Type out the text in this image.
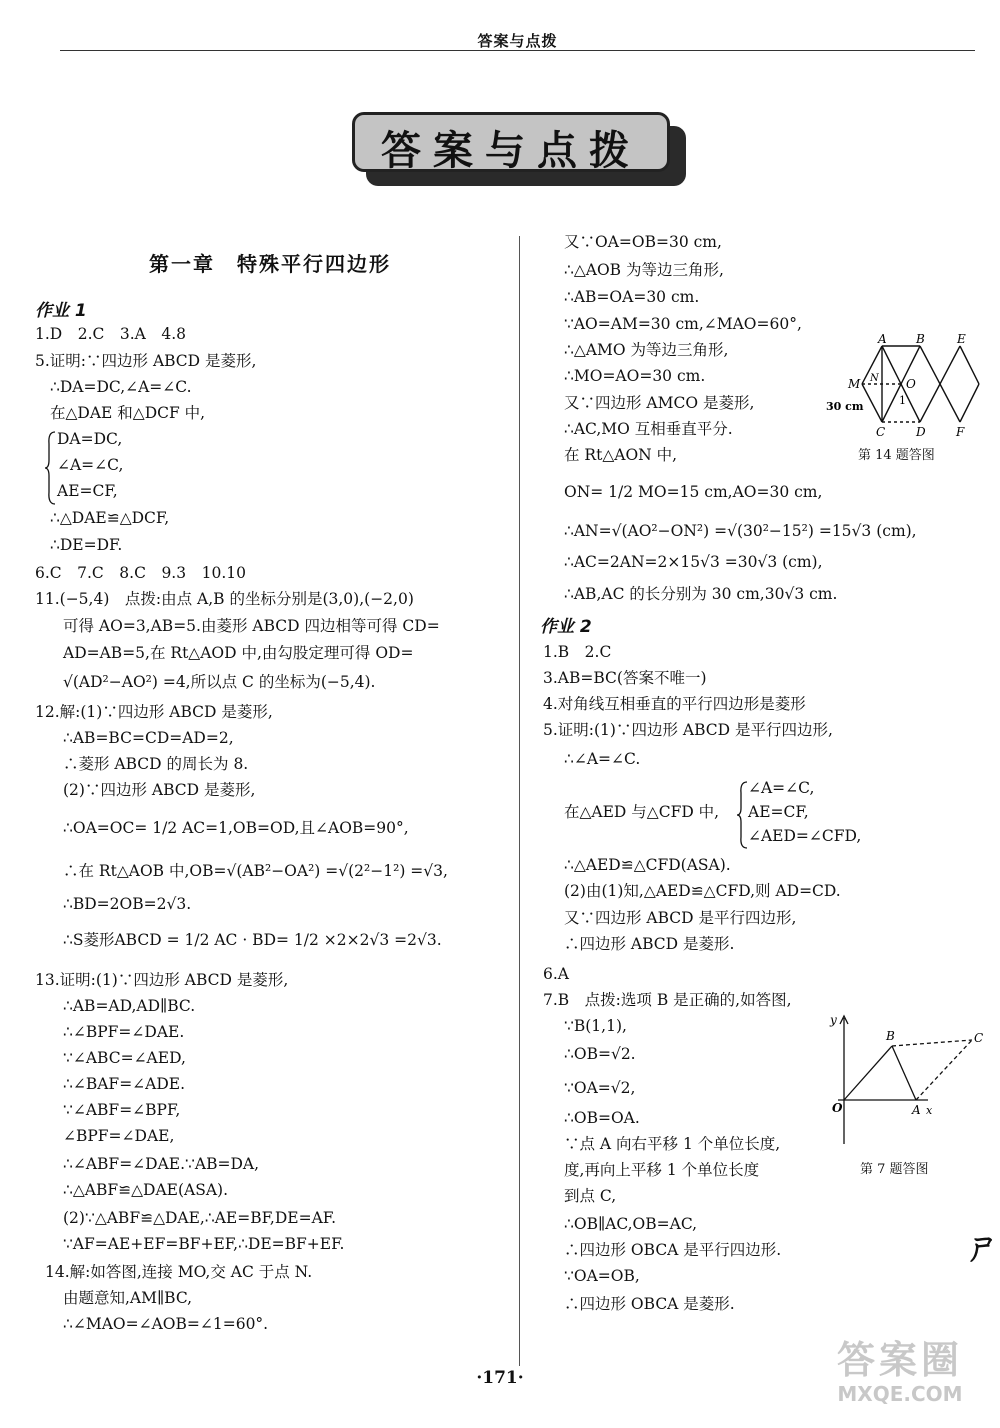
答案与点拨
答案与点拨
第一章　特殊平行四边形
作业 1
1.D　2.C　3.A　4.8
5.证明:∵四边形 ABCD 是菱形,
∴DA=DC,∠A=∠C.
在△DAE 和△DCF 中,
DA=DC,
∠A=∠C,
AE=CF,
∴△DAE≌△DCF,
∴DE=DF.
6.C　7.C　8.C　9.3　10.10
11.(−5,4)　点拨:由点 A,B 的坐标分别是(3,0),(−2,0)
可得 AO=3,AB=5.由菱形 ABCD 四边相等可得 CD=
AD=AB=5,在 Rt△AOD 中,由勾股定理可得 OD=
√(AD²−AO²) =4,所以点 C 的坐标为(−5,4).
12.解:(1)∵四边形 ABCD 是菱形,
∴AB=BC=CD=AD=2,
∴菱形 ABCD 的周长为 8.
(2)∵四边形 ABCD 是菱形,
∴OA=OC= 1/2 AC=1,OB=OD,且∠AOB=90°,
∴在 Rt△AOB 中,OB=√(AB²−OA²) =√(2²−1²) =√3,
∴BD=2OB=2√3.
∴S菱形ABCD = 1/2 AC · BD= 1/2 ×2×2√3 =2√3.
13.证明:(1)∵四边形 ABCD 是菱形,
∴AB=AD,AD∥BC.
∴∠BPF=∠DAE.
∵∠ABC=∠AED,
∴∠BAF=∠ADE.
∵∠ABF=∠BPF,
∠BPF=∠DAE,
∴∠ABF=∠DAE.∵AB=DA,
∴△ABF≌△DAE(ASA).
(2)∵△ABF≌△DAE,∴AE=BF,DE=AF.
∵AF=AE+EF=BF+EF,∴DE=BF+EF.
14.解:如答图,连接 MO,交 AC 于点 N.
由题意知,AM∥BC,
∴∠MAO=∠AOB=∠1=60°.
又∵OA=OB=30 cm,
∴△AOB 为等边三角形,
∴AB=OA=30 cm.
∵AO=AM=30 cm,∠MAO=60°,
∴△AMO 为等边三角形,
∴MO=AO=30 cm.
又∵四边形 AMCO 是菱形,
∴AC,MO 互相垂直平分.
在 Rt△AON 中,
ON= 1/2 MO=15 cm,AO=30 cm,
∴AN=√(AO²−ON²) =√(30²−15²) =15√3 (cm),
∴AC=2AN=2×15√3 =30√3 (cm),
∴AB,AC 的长分别为 30 cm,30√3 cm.
A B	E
M N O
1
30 cm
C	D	F
第 14 题答图
作业 2
1.B　2.C
3.AB=BC(答案不唯一)
4.对角线互相垂直的平行四边形是菱形
5.证明:(1)∵四边形 ABCD 是平行四边形,
∴∠A=∠C.
∠A=∠C,
在△AED 与△CFD 中, AE=CF,
∠AED=∠CFD,
∴△AED≌△CFD(ASA).
(2)由(1)知,△AED≌△CFD,则 AD=CD.
又∵四边形 ABCD 是平行四边形,
∴四边形 ABCD 是菱形.
6.A
7.B　点拨:选项 B 是正确的,如答图,
∵B(1,1),
∴OB=√2.
∵OA=√2,
∴OB=OA.
∵点 A 向右平移 1 个单位长度,
度,再向上平移 1 个单位长度
到点 C,
∴OB∥AC,OB=AC,
∴四边形 OBCA 是平行四边形.
∵OA=OB,
∴四边形 OBCA 是菱形.
y
B	C
O	A x
第 7 题答图
ㄕ
·171·	答案圈
MXQE.COM
